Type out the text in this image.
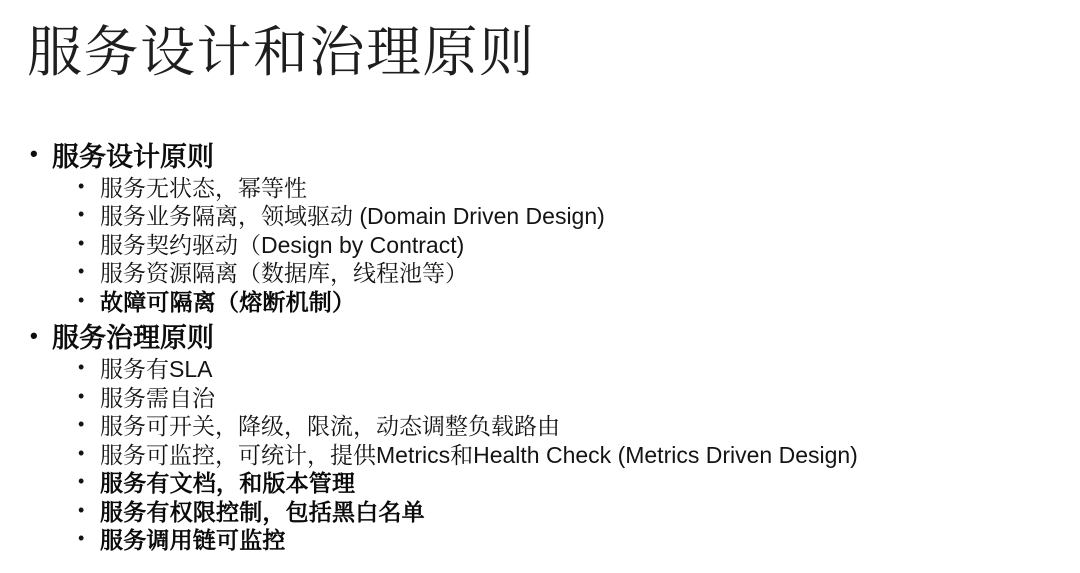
服务设计和治理原则
• 服务设计原则
• 服务无状态，幂等性
• 服务业务隔离，领域驱动 (Domain Driven Design)
• 服务契约驱动（Design by Contract)
• 服务资源隔离（数据库，线程池等）
• 故障可隔离（熔断机制）
• 服务治理原则
• 服务有SLA
• 服务需自治
• 服务可开关，降级，限流，动态调整负载路由
• 服务可监控，可统计，提供Metrics和Health Check (Metrics Driven Design)
• 服务有文档，和版本管理
• 服务有权限控制，包括黑白名单
• 服务调用链可监控
